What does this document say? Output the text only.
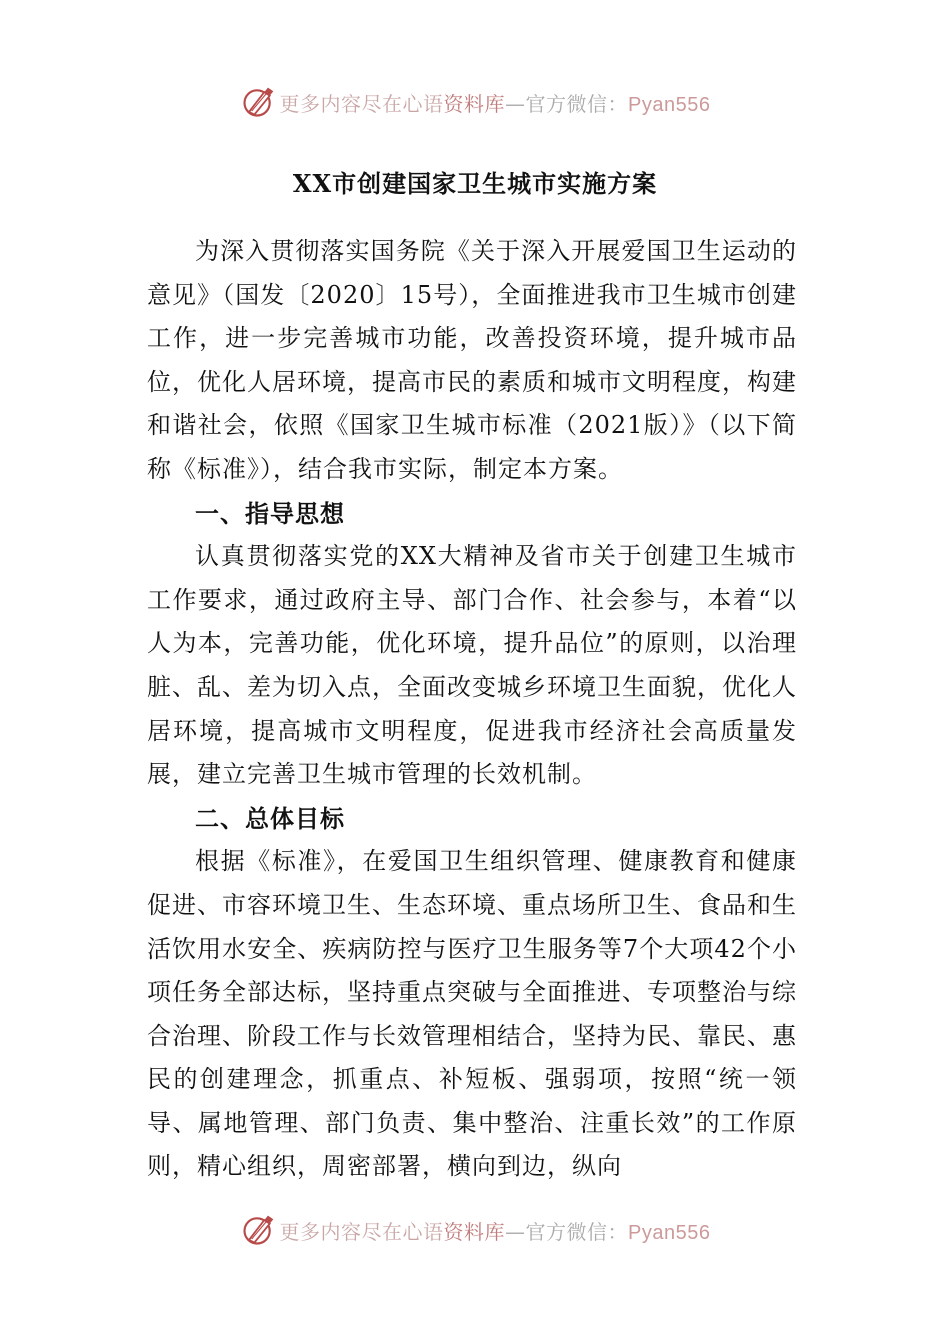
更多内容尽在心语资料库—官方微信：Pyan556
XX市创建国家卫生城市实施方案

为深入贯彻落实国务院《关于深入开展爱国卫生运动的意见》（国发〔2020〕15号），全面推进我市卫生城市创建工作，进一步完善城市功能，改善投资环境，提升城市品位，优化人居环境，提高市民的素质和城市文明程度，构建和谐社会，依照《国家卫生城市标准（2021版）》（以下简称《标准》），结合我市实际，制定本方案。

一、指导思想

认真贯彻落实党的XX大精神及省市关于创建卫生城市工作要求，通过政府主导、部门合作、社会参与，本着“以人为本，完善功能，优化环境，提升品位”的原则，以治理脏、乱、差为切入点，全面改变城乡环境卫生面貌，优化人居环境，提高城市文明程度，促进我市经济社会高质量发展，建立完善卫生城市管理的长效机制。

二、总体目标

根据《标准》，在爱国卫生组织管理、健康教育和健康促进、市容环境卫生、生态环境、重点场所卫生、食品和生活饮用水安全、疾病防控与医疗卫生服务等7个大项42个小项任务全部达标，坚持重点突破与全面推进、专项整治与综合治理、阶段工作与长效管理相结合，坚持为民、靠民、惠民的创建理念，抓重点、补短板、强弱项，按照“统一领导、属地管理、部门负责、集中整治、注重长效”的工作原则，精心组织，周密部署，横向到边，纵向

更多内容尽在心语资料库—官方微信：Pyan556
